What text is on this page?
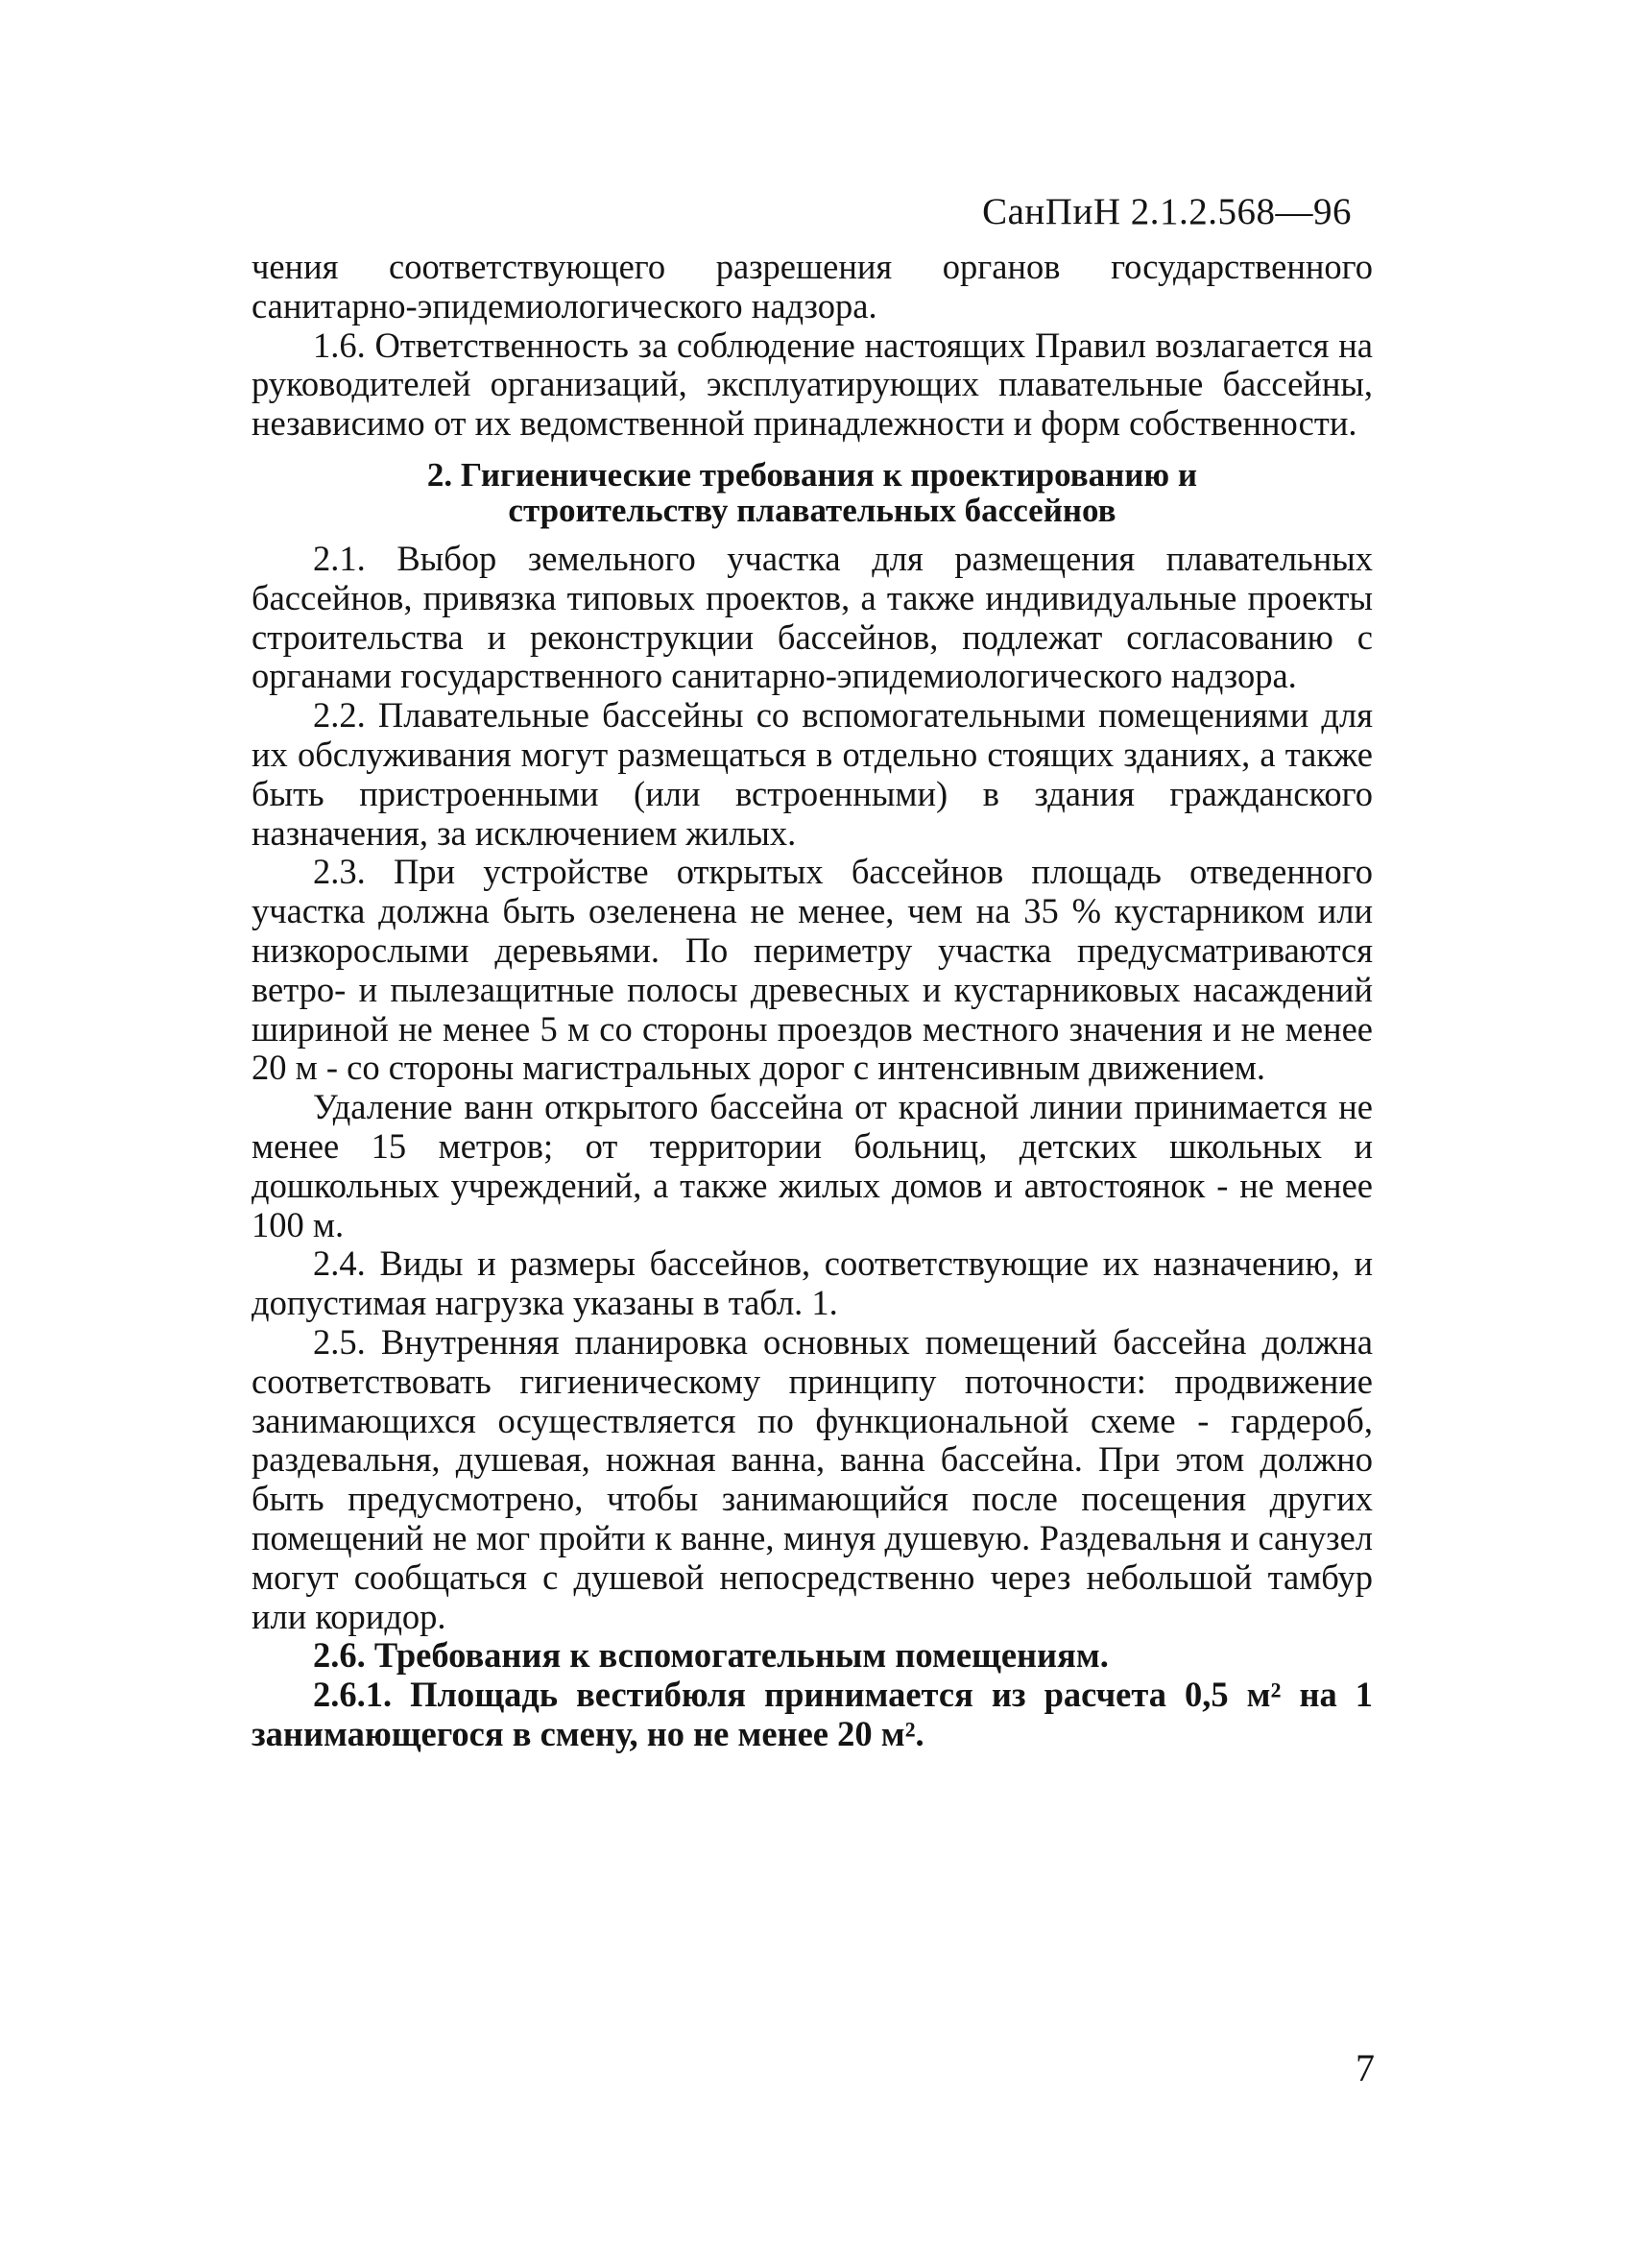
СанПиН 2.1.2.568—96

чения соответствующего разрешения органов государственного санитарно-эпидемиологического надзора.

1.6. Ответственность за соблюдение настоящих Правил возлагается на руководителей организаций, эксплуатирующих плавательные бассейны, независимо от их ведомственной принадлежности и форм собственности.

2. Гигиенические требования к проектированию и
строительству плавательных бассейнов

2.1. Выбор земельного участка для размещения плавательных бассейнов, привязка типовых проектов, а также индивидуальные проекты строительства и реконструкции бассейнов, подлежат согласованию с органами государственного санитарно-эпидемиологического надзора.

2.2. Плавательные бассейны со вспомогательными помещениями для их обслуживания могут размещаться в отдельно стоящих зданиях, а также быть пристроенными (или встроенными) в здания гражданского назначения, за исключением жилых.

2.3. При устройстве открытых бассейнов площадь отведенного участка должна быть озеленена не менее, чем на 35 % кустарником или низкорослыми деревьями. По периметру участка предусматриваются ветро- и пылезащитные полосы древесных и кустарниковых насаждений шириной не менее 5 м со стороны проездов местного значения и не менее 20 м - со стороны магистральных дорог с интенсивным движением.

Удаление ванн открытого бассейна от красной линии принимается не менее 15 метров; от территории больниц, детских школьных и дошкольных учреждений, а также жилых домов и автостоянок - не менее 100 м.

2.4. Виды и размеры бассейнов, соответствующие их назначению, и допустимая нагрузка указаны в табл. 1.

2.5. Внутренняя планировка основных помещений бассейна должна соответствовать гигиеническому принципу поточности: продвижение занимающихся осуществляется по функциональной схеме - гардероб, раздевальня, душевая, ножная ванна, ванна бассейна. При этом должно быть предусмотрено, чтобы занимающийся после посещения других помещений не мог пройти к ванне, минуя душевую. Раздевальня и санузел могут сообщаться с душевой непосредственно через небольшой тамбур или коридор.

2.6. Требования к вспомогательным помещениям.

2.6.1. Площадь вестибюля принимается из расчета 0,5 м² на 1 занимающегося в смену, но не менее 20 м².

7
